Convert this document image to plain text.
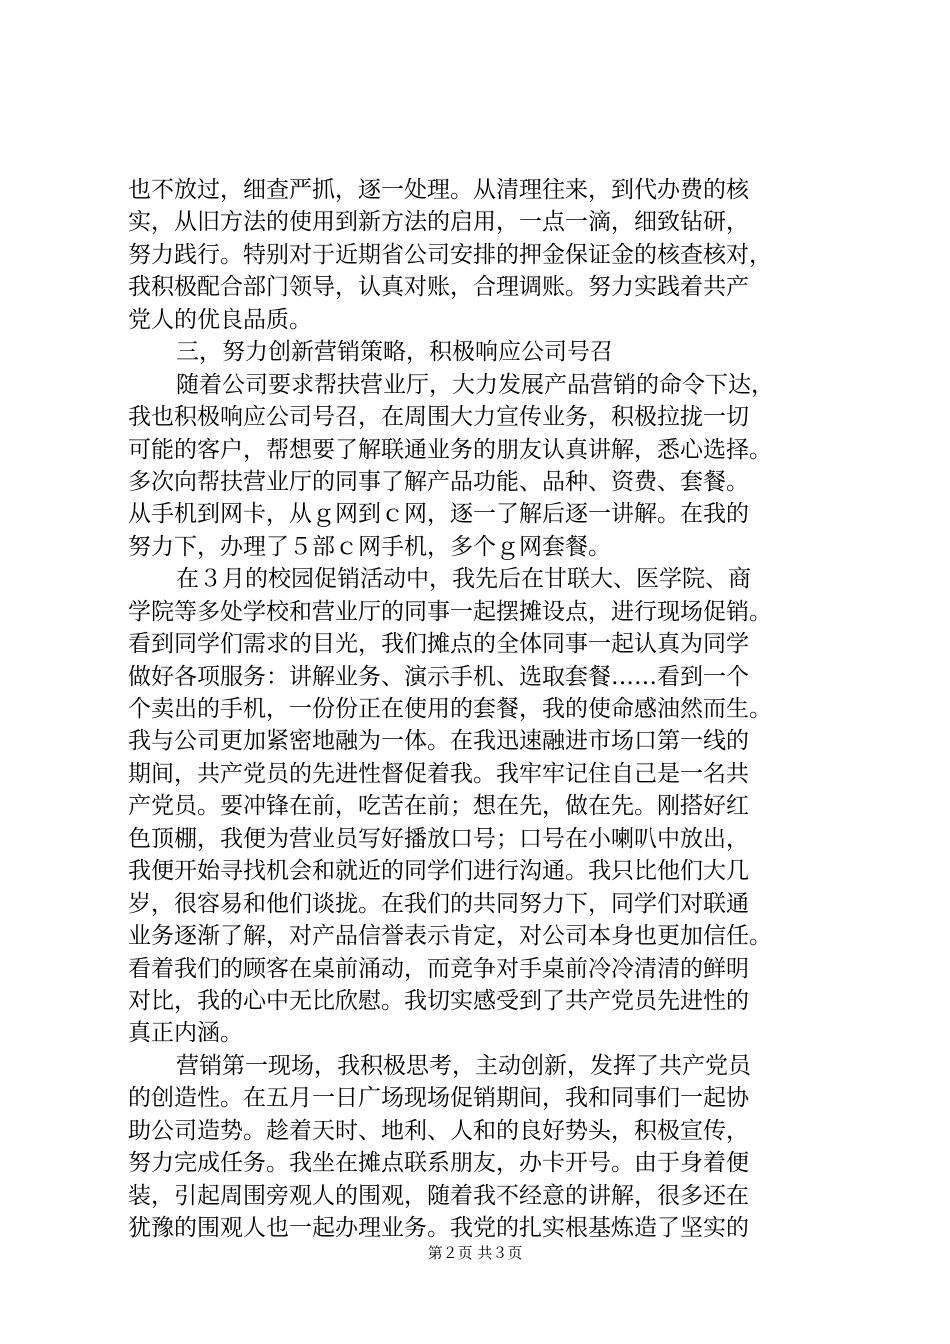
也不放过，细查严抓，逐一处理。从清理往来，到代办费的核
实，从旧方法的使用到新方法的启用，一点一滴，细致钻研，
努力践行。特别对于近期省公司安排的押金保证金的核查核对，
我积极配合部门领导，认真对账，合理调账。努力实践着共产
党人的优良品质。
三，努力创新营销策略，积极响应公司号召
随着公司要求帮扶营业厅，大力发展产品营销的命令下达，
我也积极响应公司号召，在周围大力宣传业务，积极拉拢一切
可能的客户，帮想要了解联通业务的朋友认真讲解，悉心选择。
多次向帮扶营业厅的同事了解产品功能、品种、资费、套餐。
从手机到网卡，从ｇ网到ｃ网，逐一了解后逐一讲解。在我的
努力下，办理了５部ｃ网手机，多个ｇ网套餐。
在３月的校园促销活动中，我先后在甘联大、医学院、商
学院等多处学校和营业厅的同事一起摆摊设点，进行现场促销。
看到同学们需求的目光，我们摊点的全体同事一起认真为同学
做好各项服务：讲解业务、演示手机、选取套餐……看到一个
个卖出的手机，一份份正在使用的套餐，我的使命感油然而生。
我与公司更加紧密地融为一体。在我迅速融进市场口第一线的
期间，共产党员的先进性督促着我。我牢牢记住自己是一名共
产党员。要冲锋在前，吃苦在前；想在先，做在先。刚搭好红
色顶棚，我便为营业员写好播放口号；口号在小喇叭中放出，
我便开始寻找机会和就近的同学们进行沟通。我只比他们大几
岁，很容易和他们谈拢。在我们的共同努力下，同学们对联通
业务逐渐了解，对产品信誉表示肯定，对公司本身也更加信任。
看着我们的顾客在桌前涌动，而竞争对手桌前冷冷清清的鲜明
对比，我的心中无比欣慰。我切实感受到了共产党员先进性的
真正内涵。
营销第一现场，我积极思考，主动创新，发挥了共产党员
的创造性。在五月一日广场现场促销期间，我和同事们一起协
助公司造势。趁着天时、地利、人和的良好势头，积极宣传，
努力完成任务。我坐在摊点联系朋友，办卡开号。由于身着便
装，引起周围旁观人的围观，随着我不经意的讲解，很多还在
犹豫的围观人也一起办理业务。我党的扎实根基炼造了坚实的
第２页 共３页
